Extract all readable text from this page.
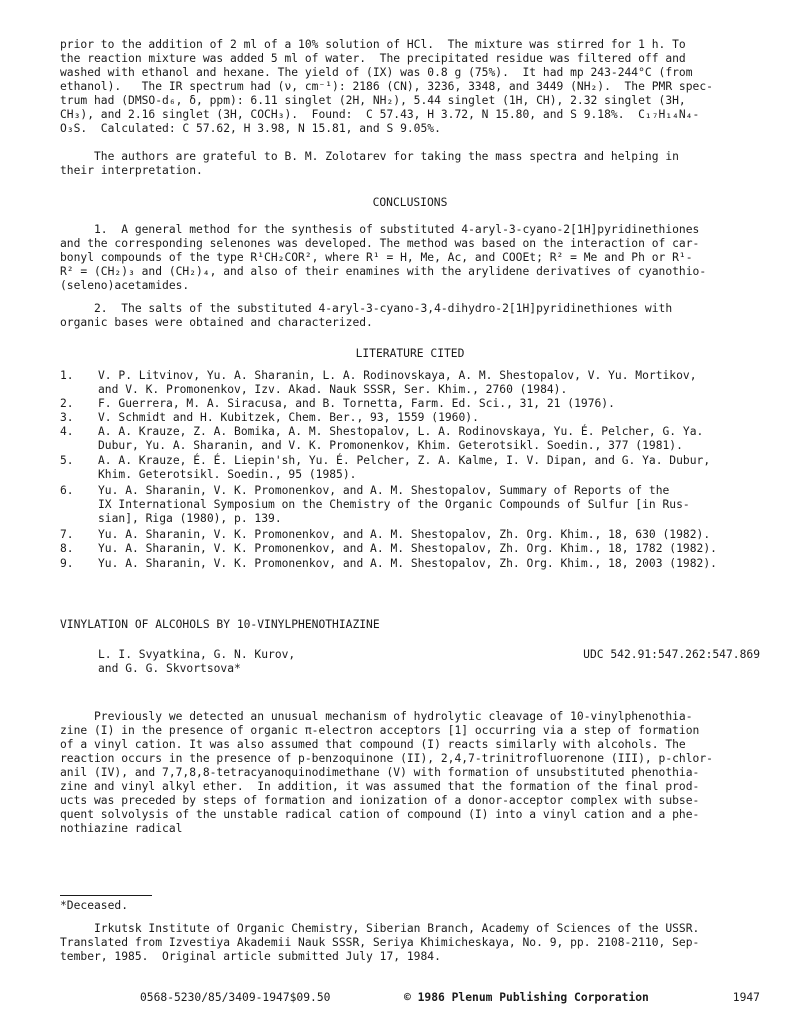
prior to the addition of 2 ml of a 10% solution of HCl.  The mixture was stirred for 1 h. To

the reaction mixture was added 5 ml of water.  The precipitated residue was filtered off and

washed with ethanol and hexane. The yield of (IX) was 0.8 g (75%).  It had mp 243-244°C (from

ethanol).   The IR spectrum had (ν, cm⁻¹): 2186 (CN), 3236, 3348, and 3449 (NH₂).  The PMR spec-

trum had (DMSO-d₆, δ, ppm): 6.11 singlet (2H, NH₂), 5.44 singlet (1H, CH), 2.32 singlet (3H,

CH₃), and 2.16 singlet (3H, COCH₃).  Found:  C 57.43, H 3.72, N 15.80, and S 9.18%.  C₁₇H₁₄N₄-

O₃S.  Calculated: C 57.62, H 3.98, N 15.81, and S 9.05%.

The authors are grateful to B. M. Zolotarev for taking the mass spectra and helping in

their interpretation.

CONCLUSIONS

1.  A general method for the synthesis of substituted 4-aryl-3-cyano-2[1H]pyridinethiones

and the corresponding selenones was developed. The method was based on the interaction of car-

bonyl compounds of the type R¹CH₂COR², where R¹ = H, Me, Ac, and COOEt; R² = Me and Ph or R¹-

R² = (CH₂)₃ and (CH₂)₄, and also of their enamines with the arylidene derivatives of cyanothio-

(seleno)acetamides.

2.  The salts of the substituted 4-aryl-3-cyano-3,4-dihydro-2[1H]pyridinethiones with

organic bases were obtained and characterized.

LITERATURE CITED

1. V. P. Litvinov, Yu. A. Sharanin, L. A. Rodinovskaya, A. M. Shestopalov, V. Yu. Mortikov,
and V. K. Promonenkov, Izv. Akad. Nauk SSSR, Ser. Khim., 2760 (1984).
2. F. Guerrera, M. A. Siracusa, and B. Tornetta, Farm. Ed. Sci., 31, 21 (1976).
3. V. Schmidt and H. Kubitzek, Chem. Ber., 93, 1559 (1960).
4. A. A. Krauze, Z. A. Bomika, A. M. Shestopalov, L. A. Rodinovskaya, Yu. É. Pelcher, G. Ya.
Dubur, Yu. A. Sharanin, and V. K. Promonenkov, Khim. Geterotsikl. Soedin., 377 (1981).
5. A. A. Krauze, É. É. Liepin'sh, Yu. É. Pelcher, Z. A. Kalme, I. V. Dipan, and G. Ya. Dubur,
Khim. Geterotsikl. Soedin., 95 (1985).
6. Yu. A. Sharanin, V. K. Promonenkov, and A. M. Shestopalov, Summary of Reports of the
IX International Symposium on the Chemistry of the Organic Compounds of Sulfur [in Rus-
sian], Riga (1980), p. 139.
7. Yu. A. Sharanin, V. K. Promonenkov, and A. M. Shestopalov, Zh. Org. Khim., 18, 630 (1982).
8. Yu. A. Sharanin, V. K. Promonenkov, and A. M. Shestopalov, Zh. Org. Khim., 18, 1782 (1982).
9. Yu. A. Sharanin, V. K. Promonenkov, and A. M. Shestopalov, Zh. Org. Khim., 18, 2003 (1982).

VINYLATION OF ALCOHOLS BY 10-VINYLPHENOTHIAZINE

L. I. Svyatkina, G. N. Kurov,

and G. G. Skvortsova*

UDC 542.91:547.262:547.869

Previously we detected an unusual mechanism of hydrolytic cleavage of 10-vinylphenothia-

zine (I) in the presence of organic π-electron acceptors [1] occurring via a step of formation

of a vinyl cation. It was also assumed that compound (I) reacts similarly with alcohols. The

reaction occurs in the presence of p-benzoquinone (II), 2,4,7-trinitrofluorenone (III), p-chlor-

anil (IV), and 7,7,8,8-tetracyanoquinodimethane (V) with formation of unsubstituted phenothia-

zine and vinyl alkyl ether.  In addition, it was assumed that the formation of the final prod-

ucts was preceded by steps of formation and ionization of a donor-acceptor complex with subse-

quent solvolysis of the unstable radical cation of compound (I) into a vinyl cation and a phe-

nothiazine radical

*Deceased.

Irkutsk Institute of Organic Chemistry, Siberian Branch, Academy of Sciences of the USSR.

Translated from Izvestiya Akademii Nauk SSSR, Seriya Khimicheskaya, No. 9, pp. 2108-2110, Sep-

tember, 1985.  Original article submitted July 17, 1984.

0568-5230/85/3409-1947$09.50	© 1986 Plenum Publishing Corporation	1947
